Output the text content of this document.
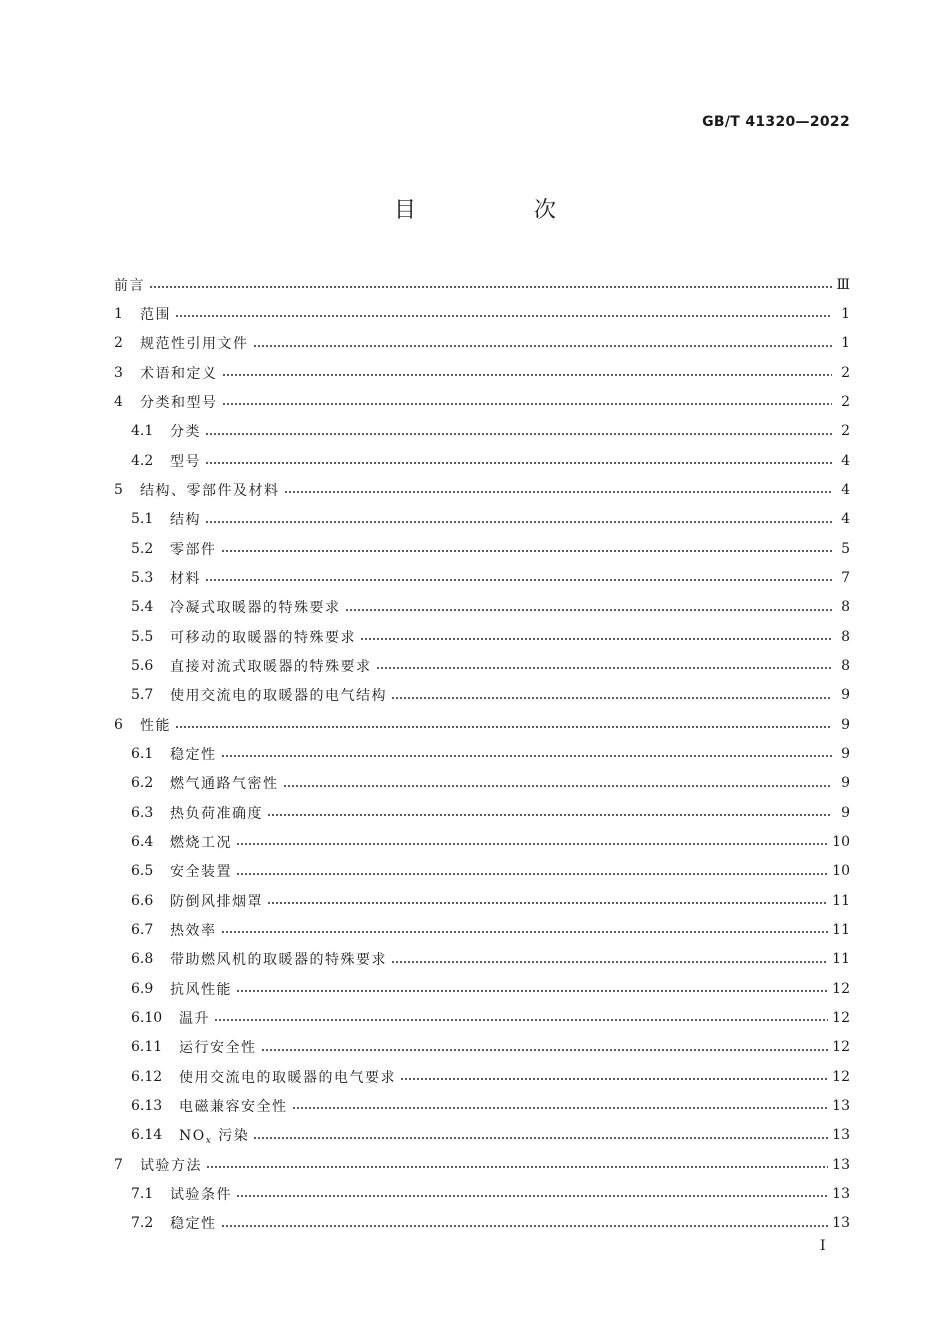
GB/T 41320—2022
目　次
前言	Ⅲ
1	范围	1
2	规范性引用文件	1
3	术语和定义	2
4	分类和型号	2
4.1	分类	2
4.2	型号	4
5	结构、零部件及材料	4
5.1	结构	4
5.2	零部件	5
5.3	材料	7
5.4	冷凝式取暖器的特殊要求	8
5.5	可移动的取暖器的特殊要求	8
5.6	直接对流式取暖器的特殊要求	8
5.7	使用交流电的取暖器的电气结构	9
6	性能	9
6.1	稳定性	9
6.2	燃气通路气密性	9
6.3	热负荷准确度	9
6.4	燃烧工况	10
6.5	安全装置	10
6.6	防倒风排烟罩	11
6.7	热效率	11
6.8	带助燃风机的取暖器的特殊要求	11
6.9	抗风性能	12
6.10	温升	12
6.11	运行安全性	12
6.12	使用交流电的取暖器的电气要求	12
6.13	电磁兼容安全性	13
6.14	$NO_x$ 污染	13
7	试验方法	13
7.1	试验条件	13
7.2	稳定性	13
I
